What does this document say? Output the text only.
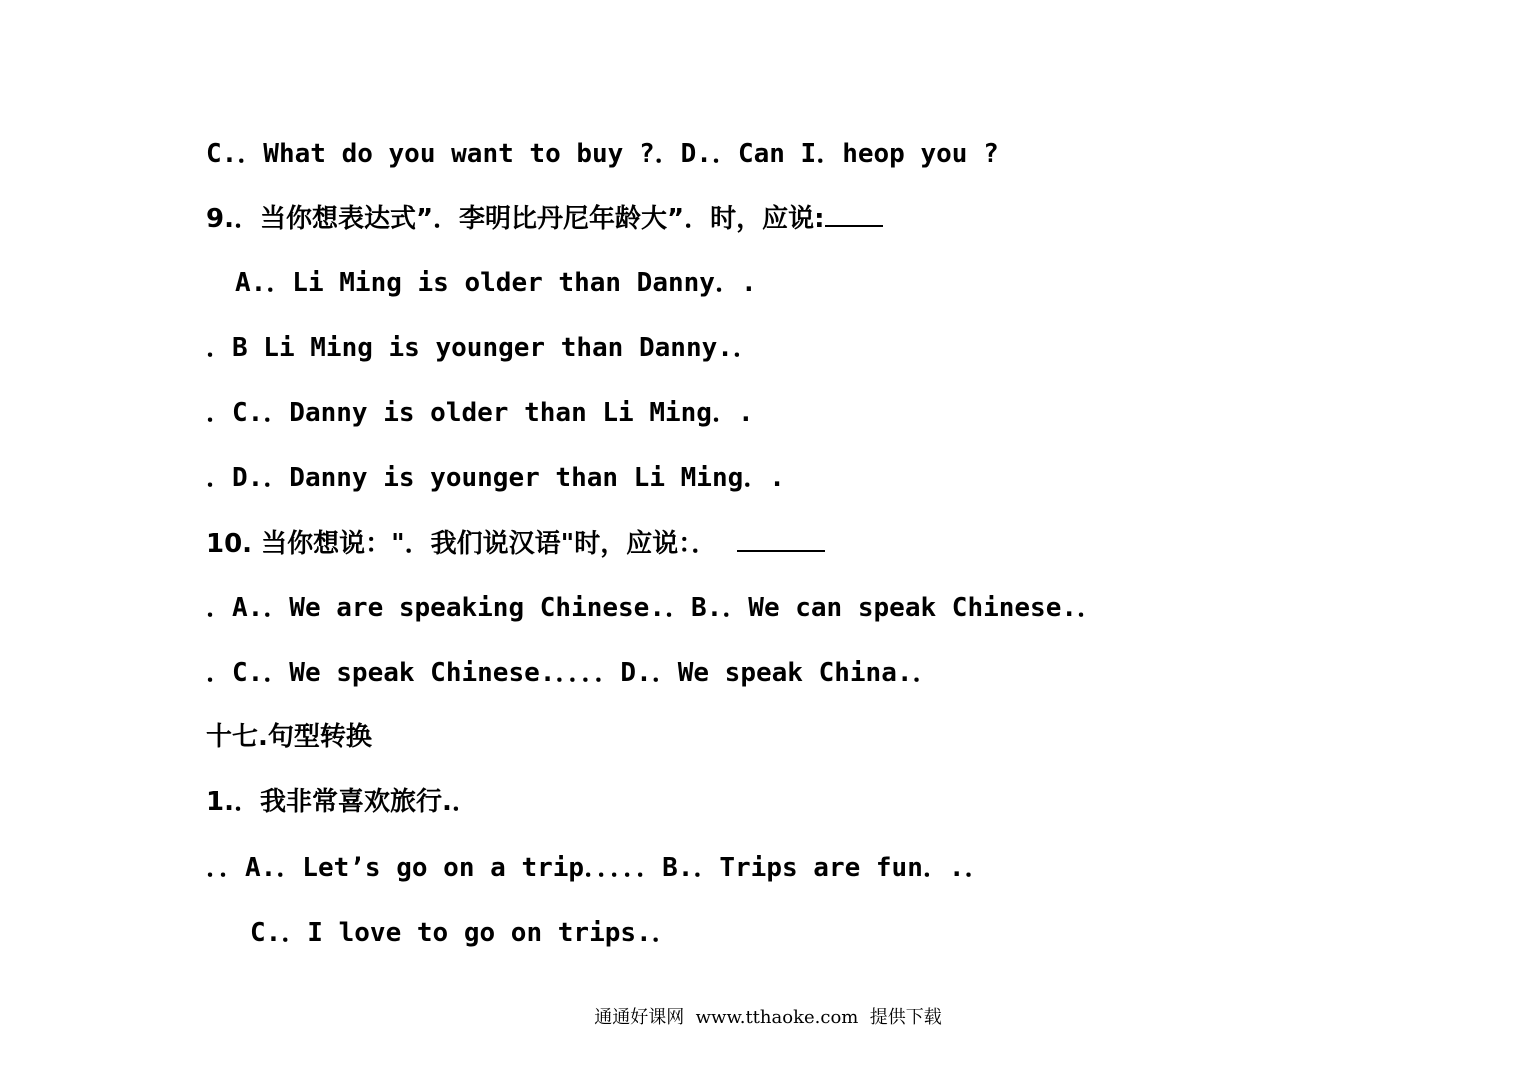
C.．What do you want to buy ?．D.．Can I．heop you ?
9.．当你想表达式”．李明比丹尼年龄大”．时，应说:
A.．Li Ming is older than Danny．.
．B Li Ming is younger than Danny.．
．C.．Danny is older than Li Ming．.
．D.．Danny is younger than Li Ming．.
10. 当你想说："．我们说汉语"时，应说：．
．A.．We are speaking Chinese.．B.．We can speak Chinese.．
．C.．We speak Chinese.．．．．D.．We speak China.．
十七.句型转换
1.．我非常喜欢旅行.．
．．A.．Let’s go on a trip．．．．．B.．Trips are fun．.．
C.．I love to go on trips.．
通通好课网  www.tthaoke.com  提供下载
